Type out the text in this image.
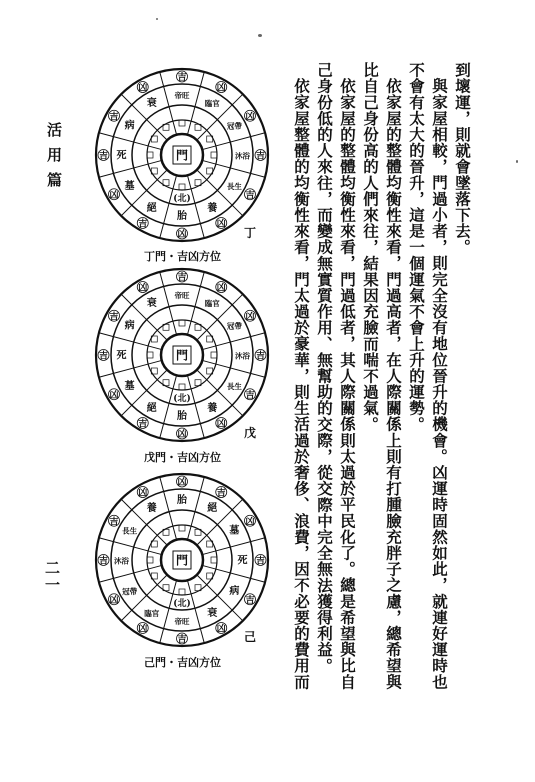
活用篇
二一

到壞運，則就會墜落下去。

與家屋相較，門過小者，則完全沒有地位晉升的機會。凶運時固然如此，就連好運時也

不會有太大的晉升，這是一個運氣不會上升的運勢。

依家屋的整體均衡性來看，門過高者，在人際關係上則有打腫臉充胖子之慮，總希望與

比自己身份高的人們來往，結果因充臉而喘不過氣。

依家屋的整體均衡性來看，門過低者，其人際關係則太過於平民化了。總是希望與比自

己身份低的人來往，而變成無實質作用、無幫助的交際，從交際中完全無法獲得利益。

依家屋整體的均衡性來看，門太過於豪華，則生活過於奢侈、浪費，因不必要的費用而

凶
吉
凶
吉
吉
凶
吉
凶
凶
吉
吉
凶
胎
絕
墓
死
病
衰
帝旺
臨官
冠帶
沐浴
長生
養
(北)
門
丁門・吉凶方位
丁
凶
吉
凶
吉
吉
凶
吉
凶
凶
吉
吉
凶
胎
絕
墓
死
病
衰
帝旺
臨官
冠帶
沐浴
長生
養
(北)
門
戊門・吉凶方位
戊
吉
凶
凶
吉
吉
凶
凶
吉
凶
吉
吉
凶
帝旺
臨官
冠帶
沐浴
長生
養
胎
絕
墓
死
病
衰
(北)
門
己門・吉凶方位
己
